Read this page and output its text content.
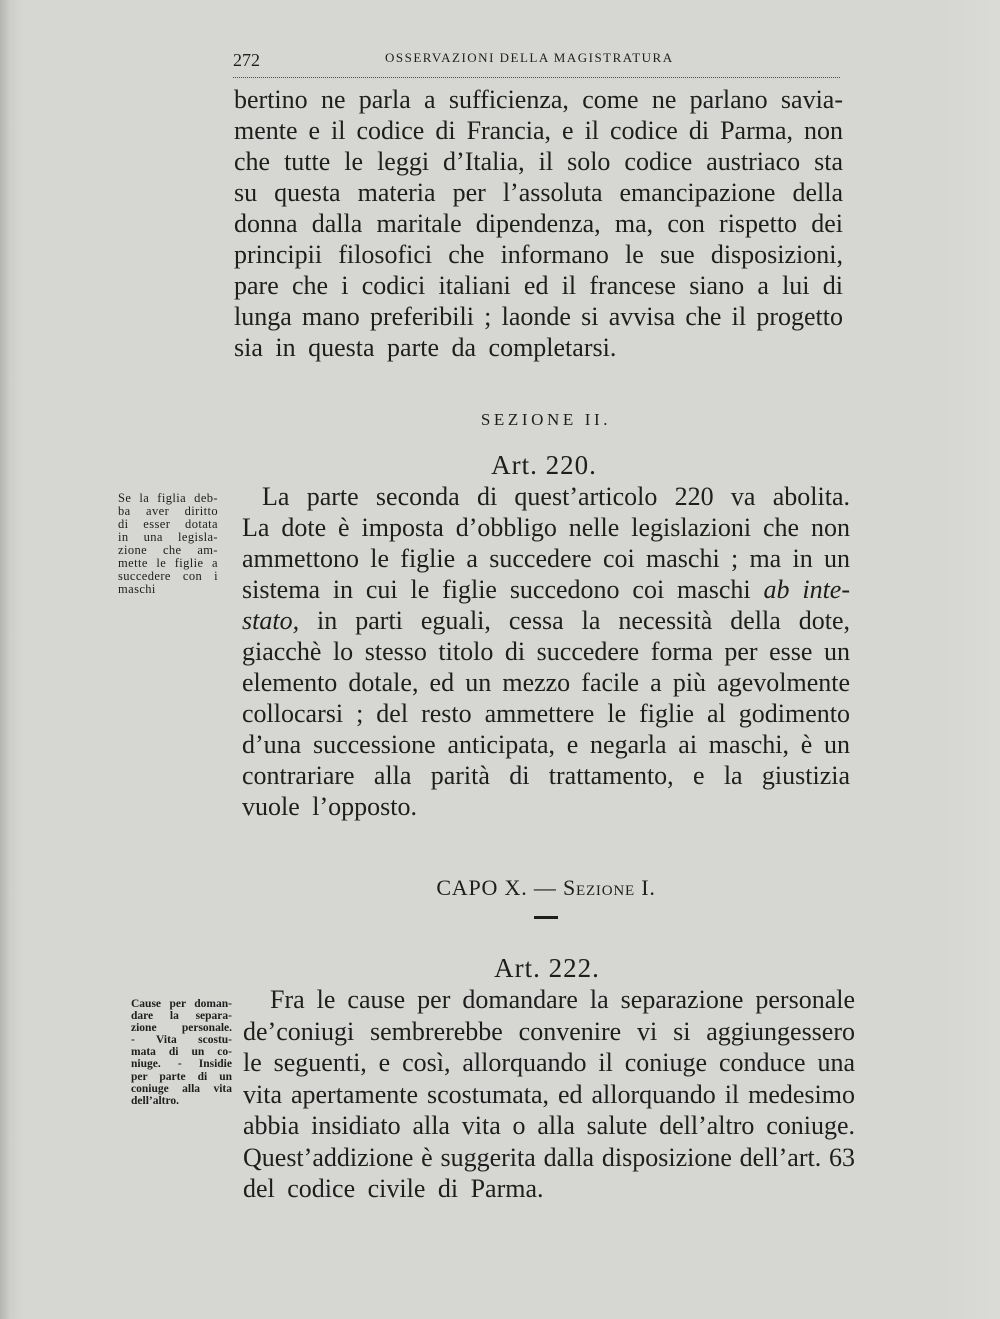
272	OSSERVAZIONI DELLA MAGISTRATURA
bertino ne parla a sufficienza, come ne parlano savia-
mente e il codice di Francia, e il codice di Parma, non
che tutte le leggi d’Italia, il solo codice austriaco sta
su questa materia per l’assoluta emancipazione della
donna dalla maritale dipendenza, ma, con rispetto dei
principii filosofici che informano le sue disposizioni,
pare che i codici italiani ed il francese siano a lui di
lunga mano preferibili ; laonde si avvisa che il progetto
sia in questa parte da completarsi.
SEZIONE II.
Art. 220.
Se la figlia deb-
ba aver diritto
di esser dotata
in una legisla-
zione che am-
mette le figlie a
succedere con i
maschi
La parte seconda di quest’articolo 220 va abolita.
La dote è imposta d’obbligo nelle legislazioni che non
ammettono le figlie a succedere coi maschi ; ma in un
sistema in cui le figlie succedono coi maschi ab inte-
stato, in parti eguali, cessa la necessità della dote,
giacchè lo stesso titolo di succedere forma per esse un
elemento dotale, ed un mezzo facile a più agevolmente
collocarsi ; del resto ammettere le figlie al godimento
d’una successione anticipata, e negarla ai maschi, è un
contrariare alla parità di trattamento, e la giustizia
vuole l’opposto.
CAPO X. — Sezione I.
Art. 222.
Cause per doman-
dare la separa-
zione personale.
- Vita scostu-
mata di un co-
niuge. - Insidie
per parte di un
coniuge alla vita
dell’altro.
Fra le cause per domandare la separazione personale
de’coniugi sembrerebbe convenire vi si aggiungessero
le seguenti, e così, allorquando il coniuge conduce una
vita apertamente scostumata, ed allorquando il medesimo
abbia insidiato alla vita o alla salute dell’altro coniuge.
Quest’addizione è suggerita dalla disposizione dell’art. 63
del codice civile di Parma.
